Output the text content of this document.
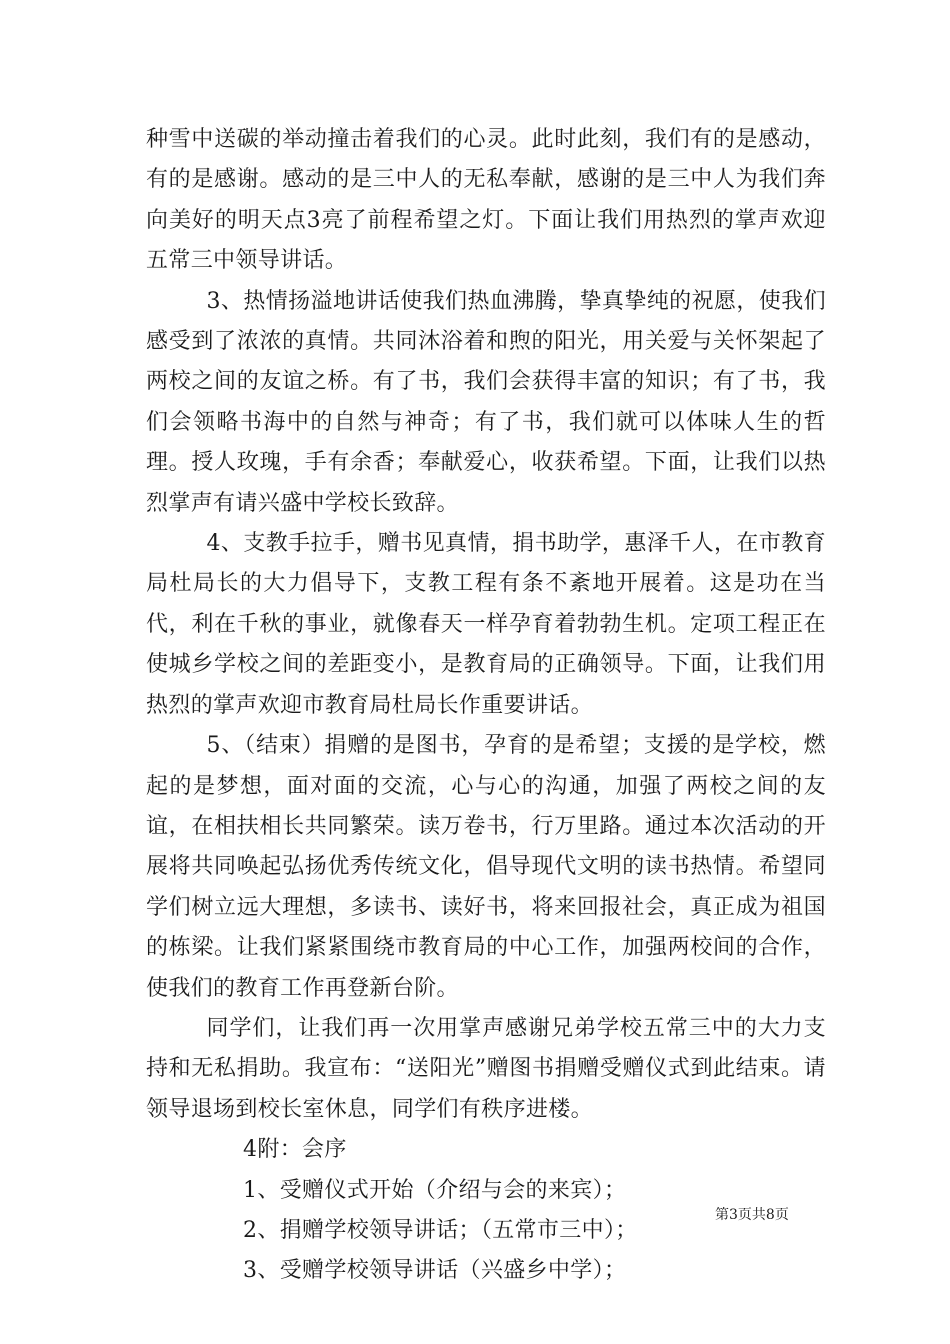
种雪中送碳的举动撞击着我们的心灵。此时此刻，我们有的是感动，有的是感谢。感动的是三中人的无私奉献，感谢的是三中人为我们奔向美好的明天点3亮了前程希望之灯。下面让我们用热烈的掌声欢迎五常三中领导讲话。

3、热情扬溢地讲话使我们热血沸腾，挚真挚纯的祝愿，使我们感受到了浓浓的真情。共同沐浴着和煦的阳光，用关爱与关怀架起了两校之间的友谊之桥。有了书，我们会获得丰富的知识；有了书，我们会领略书海中的自然与神奇；有了书，我们就可以体味人生的哲理。授人玫瑰，手有余香；奉献爱心，收获希望。下面，让我们以热烈掌声有请兴盛中学校长致辞。

4、支教手拉手，赠书见真情，捐书助学，惠泽千人，在市教育局杜局长的大力倡导下，支教工程有条不紊地开展着。这是功在当代，利在千秋的事业，就像春天一样孕育着勃勃生机。定项工程正在使城乡学校之间的差距变小，是教育局的正确领导。下面，让我们用热烈的掌声欢迎市教育局杜局长作重要讲话。

5、（结束）捐赠的是图书，孕育的是希望；支援的是学校，燃起的是梦想，面对面的交流，心与心的沟通，加强了两校之间的友谊，在相扶相长共同繁荣。读万卷书，行万里路。通过本次活动的开展将共同唤起弘扬优秀传统文化，倡导现代文明的读书热情。希望同学们树立远大理想，多读书、读好书，将来回报社会，真正成为祖国的栋梁。让我们紧紧围绕市教育局的中心工作，加强两校间的合作，使我们的教育工作再登新台阶。

同学们，让我们再一次用掌声感谢兄弟学校五常三中的大力支持和无私捐助。我宣布：“送阳光”赠图书捐赠受赠仪式到此结束。请领导退场到校长室休息，同学们有秩序进楼。

4附：会序

1、受赠仪式开始（介绍与会的来宾）；

2、捐赠学校领导讲话；（五常市三中）；

3、受赠学校领导讲话（兴盛乡中学）；

第3页共8页
